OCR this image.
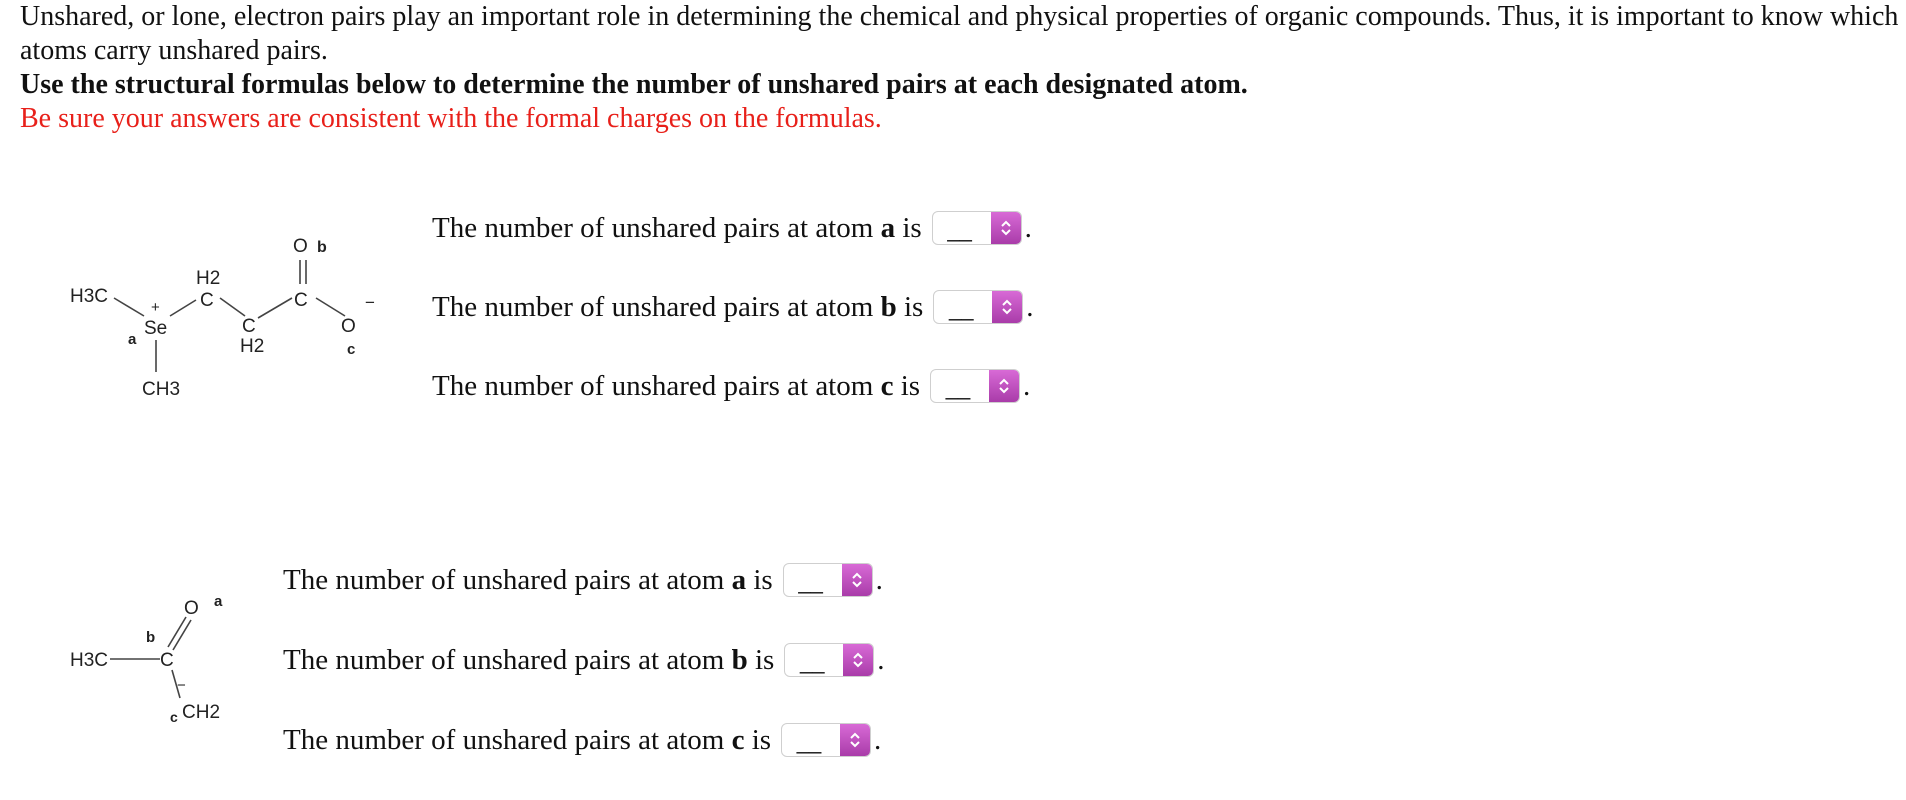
Unshared, or lone, electron pairs play an important role in determining the chemical and physical properties of organic compounds. Thus, it is important to know which atoms carry unshared pairs.

Use the structural formulas below to determine the number of unshared pairs at each designated atom.

Be sure your answers are consistent with the formal charges on the formulas.

H3C
+
Se
a
CH3
H2
C
C
H2
C
O b
O
−
c
The number of unshared pairs at atom a is	__	.
The number of unshared pairs at atom b is	__	.
The number of unshared pairs at atom c is	__	.
H3C	C
b
O a
−
c CH2
The number of unshared pairs at atom a is	__	.
The number of unshared pairs at atom b is	__	.
The number of unshared pairs at atom c is	__	.
